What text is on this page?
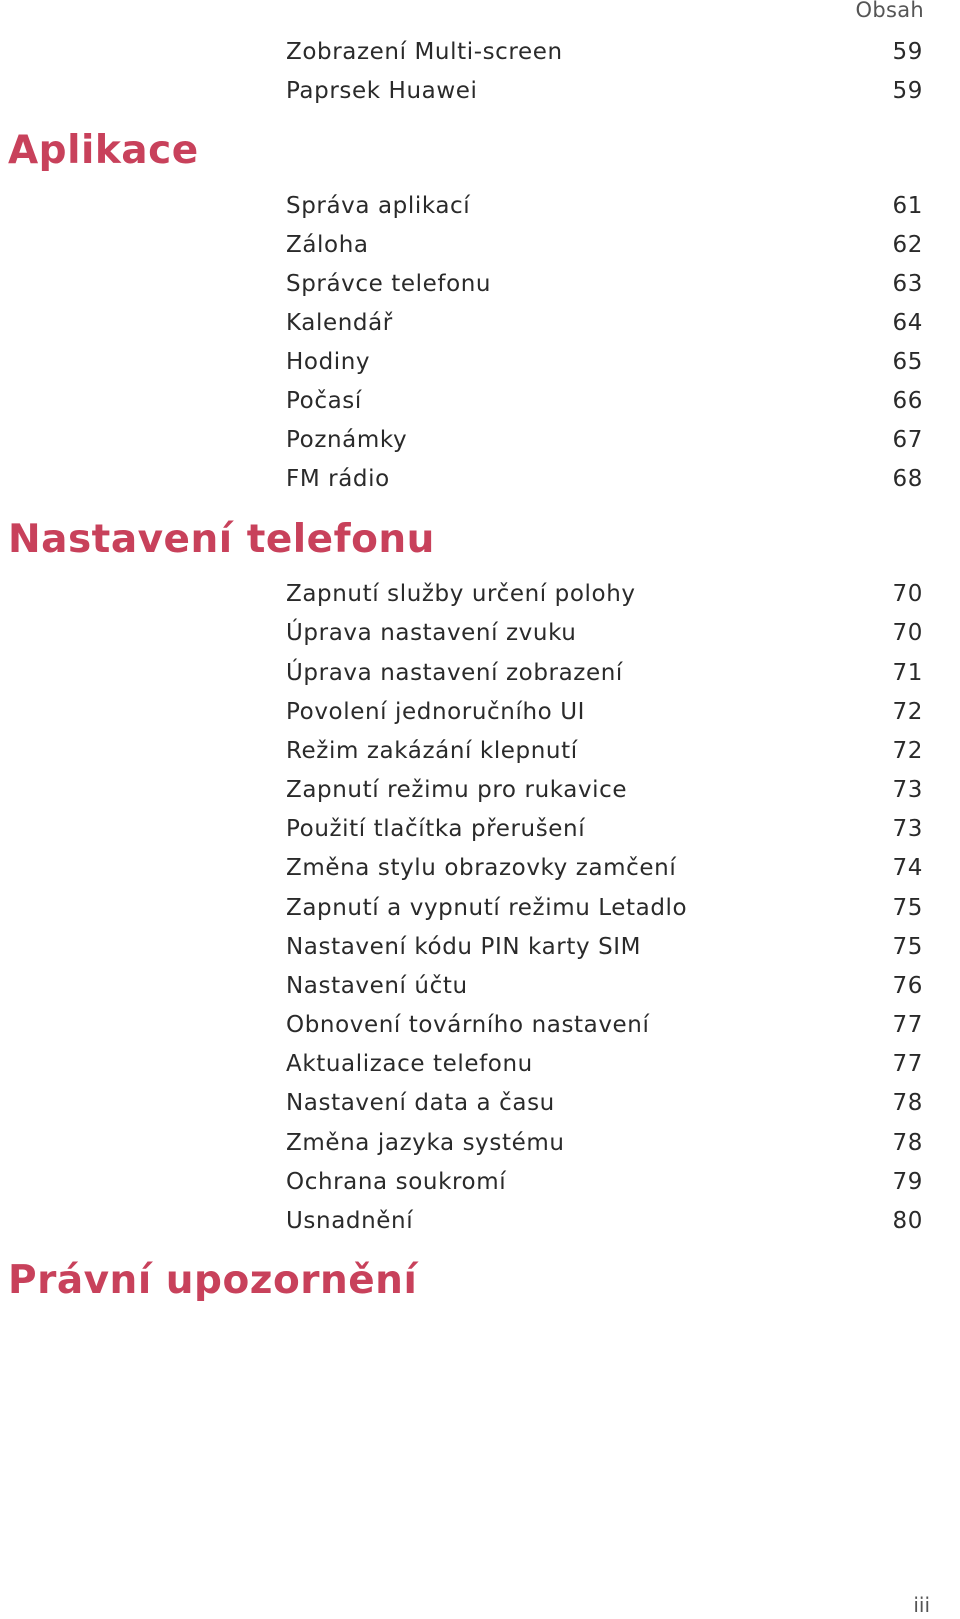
Obsah
Zobrazení Multi-screen	59
Paprsek Huawei	59
Aplikace
Správa aplikací	61
Záloha	62
Správce telefonu	63
Kalendář	64
Hodiny	65
Počasí	66
Poznámky	67
FM rádio	68
Nastavení telefonu
Zapnutí služby určení polohy	70
Úprava nastavení zvuku	70
Úprava nastavení zobrazení	71
Povolení jednoručního UI	72
Režim zakázání klepnutí	72
Zapnutí režimu pro rukavice	73
Použití tlačítka přerušení	73
Změna stylu obrazovky zamčení	74
Zapnutí a vypnutí režimu Letadlo	75
Nastavení kódu PIN karty SIM	75
Nastavení účtu	76
Obnovení továrního nastavení	77
Aktualizace telefonu	77
Nastavení data a času	78
Změna jazyka systému	78
Ochrana soukromí	79
Usnadnění	80
Právní upozornění
iii
